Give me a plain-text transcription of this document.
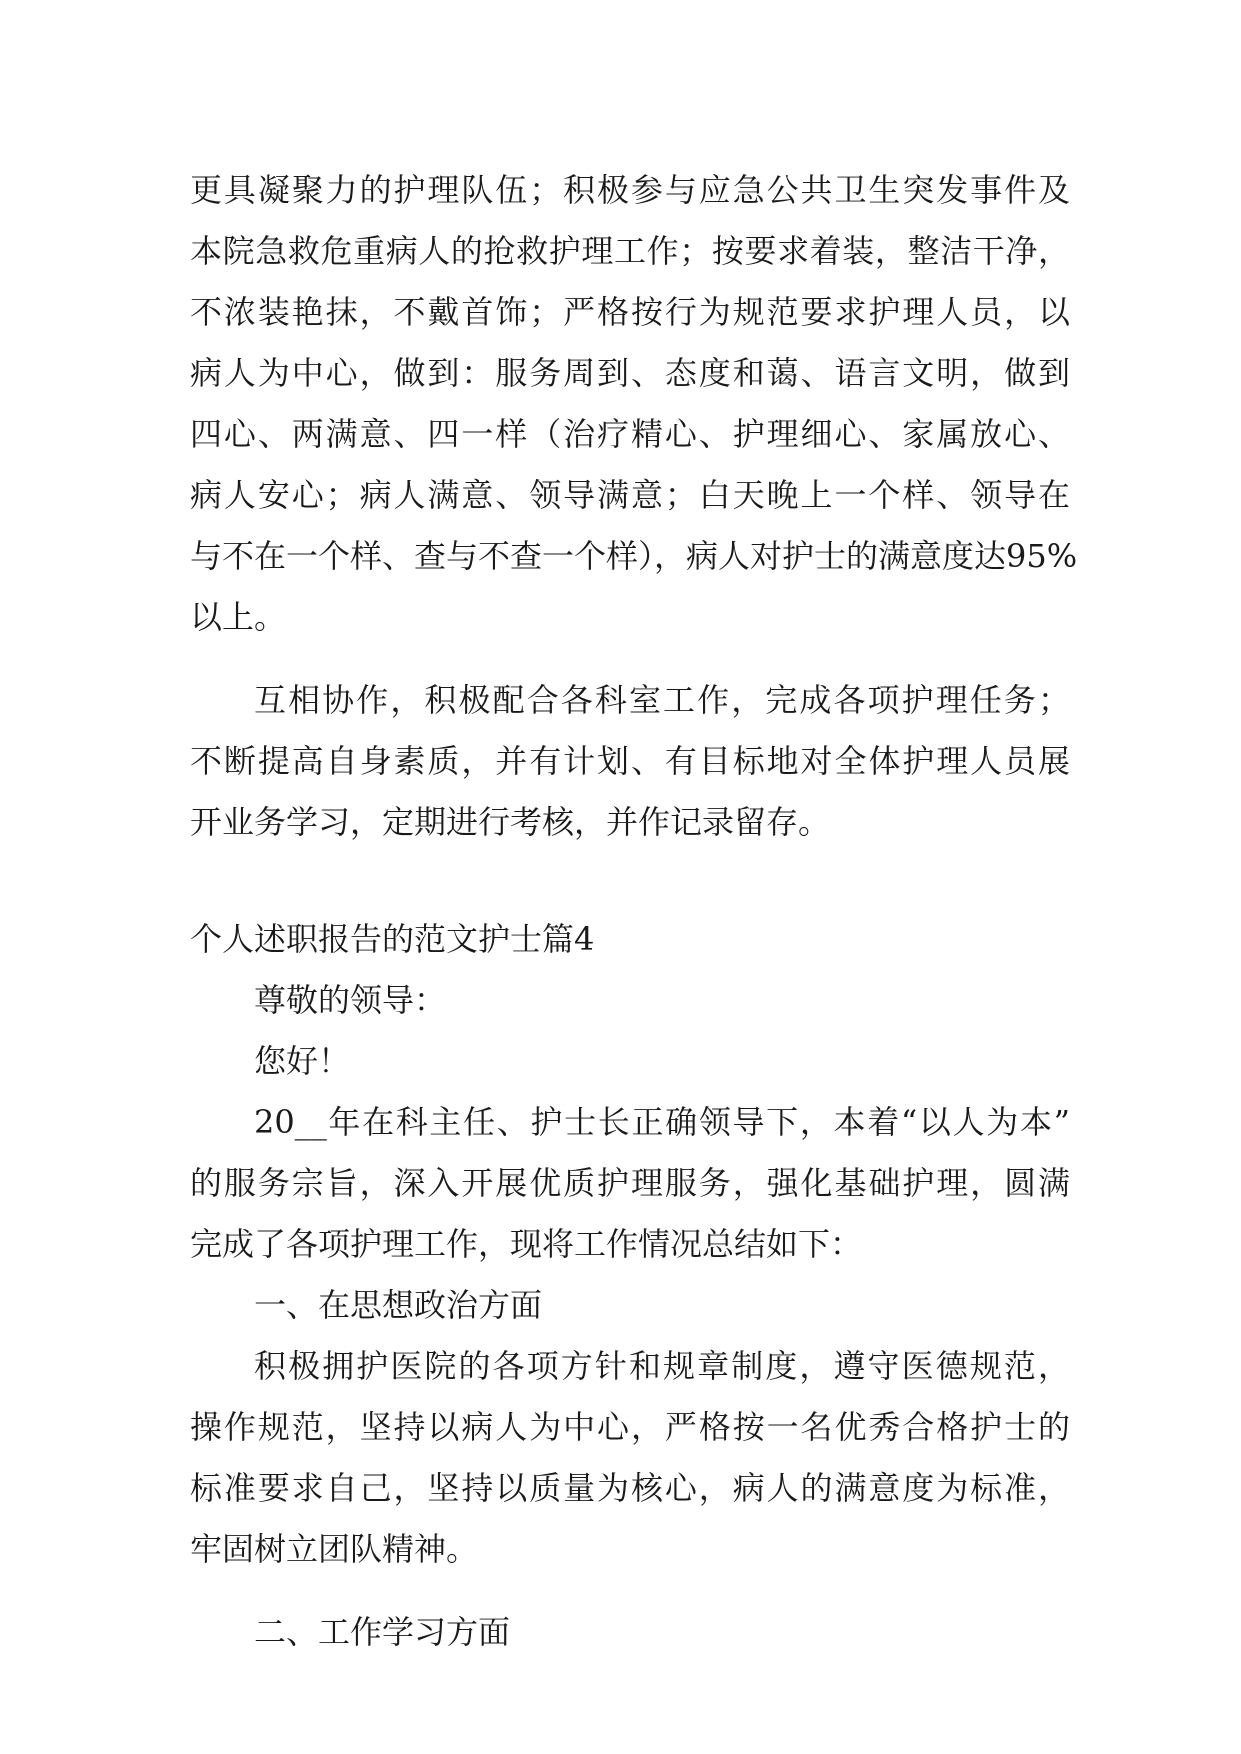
更具凝聚力的护理队伍；积极参与应急公共卫生突发事件及
本院急救危重病人的抢救护理工作；按要求着装，整洁干净，
不浓装艳抹，不戴首饰；严格按行为规范要求护理人员，以
病人为中心，做到：服务周到、态度和蔼、语言文明，做到
四心、两满意、四一样（治疗精心、护理细心、家属放心、
病人安心；病人满意、领导满意；白天晚上一个样、领导在
与不在一个样、查与不查一个样），病人对护士的满意度达95%
以上。
互相协作，积极配合各科室工作，完成各项护理任务；
不断提高自身素质，并有计划、有目标地对全体护理人员展
开业务学习，定期进行考核，并作记录留存。
个人述职报告的范文护士篇4
尊敬的领导：
您好！
20__年在科主任、护士长正确领导下，本着“以人为本”
的服务宗旨，深入开展优质护理服务，强化基础护理，圆满
完成了各项护理工作，现将工作情况总结如下：
一、在思想政治方面
积极拥护医院的各项方针和规章制度，遵守医德规范，
操作规范，坚持以病人为中心，严格按一名优秀合格护士的
标准要求自己，坚持以质量为核心，病人的满意度为标准，
牢固树立团队精神。
二、工作学习方面
